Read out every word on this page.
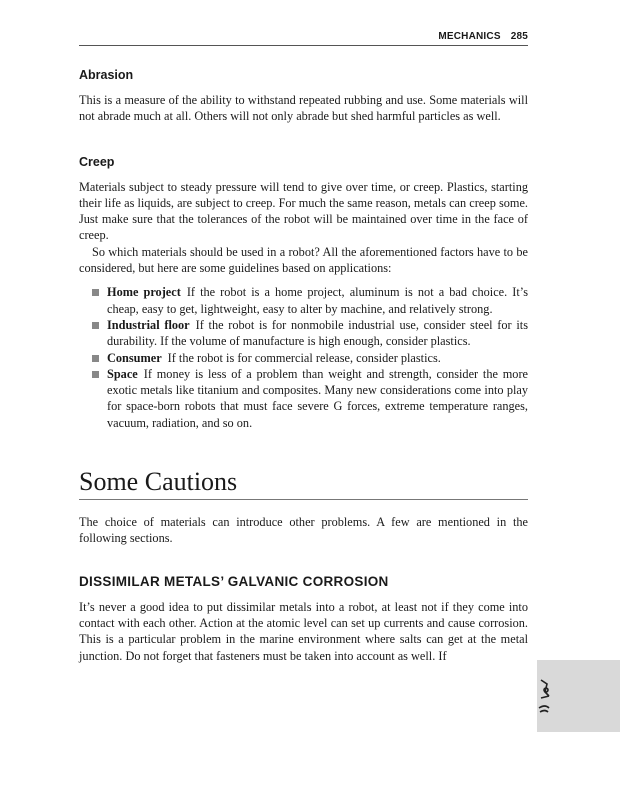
MECHANICS 285
Abrasion

This is a measure of the ability to withstand repeated rubbing and use. Some materials will not abrade much at all. Others will not only abrade but shed harmful particles as well.

Creep

Materials subject to steady pressure will tend to give over time, or creep. Plastics, starting their life as liquids, are subject to creep. For much the same reason, metals can creep some. Just make sure that the tolerances of the robot will be maintained over time in the face of creep.

So which materials should be used in a robot? All the aforementioned factors have to be considered, but here are some guidelines based on applications:

Home project If the robot is a home project, aluminum is not a bad choice. It’s cheap, easy to get, lightweight, easy to alter by machine, and relatively strong.
Industrial floor If the robot is for nonmobile industrial use, consider steel for its durability. If the volume of manufacture is high enough, consider plastics.
Consumer If the robot is for commercial release, consider plastics.
Space If money is less of a problem than weight and strength, consider the more exotic metals like titanium and composites. Many new considerations come into play for space-born robots that must face severe G forces, extreme temperature ranges, vacuum, radiation, and so on.
Some Cautions

The choice of materials can introduce other problems. A few are mentioned in the following sections.

DISSIMILAR METALS’ GALVANIC CORROSION

It’s never a good idea to put dissimilar metals into a robot, at least not if they come into contact with each other. Action at the atomic level can set up currents and cause corrosion. This is a particular problem in the marine environment where salts can get at the metal junction. Do not forget that fasteners must be taken into account as well. If
